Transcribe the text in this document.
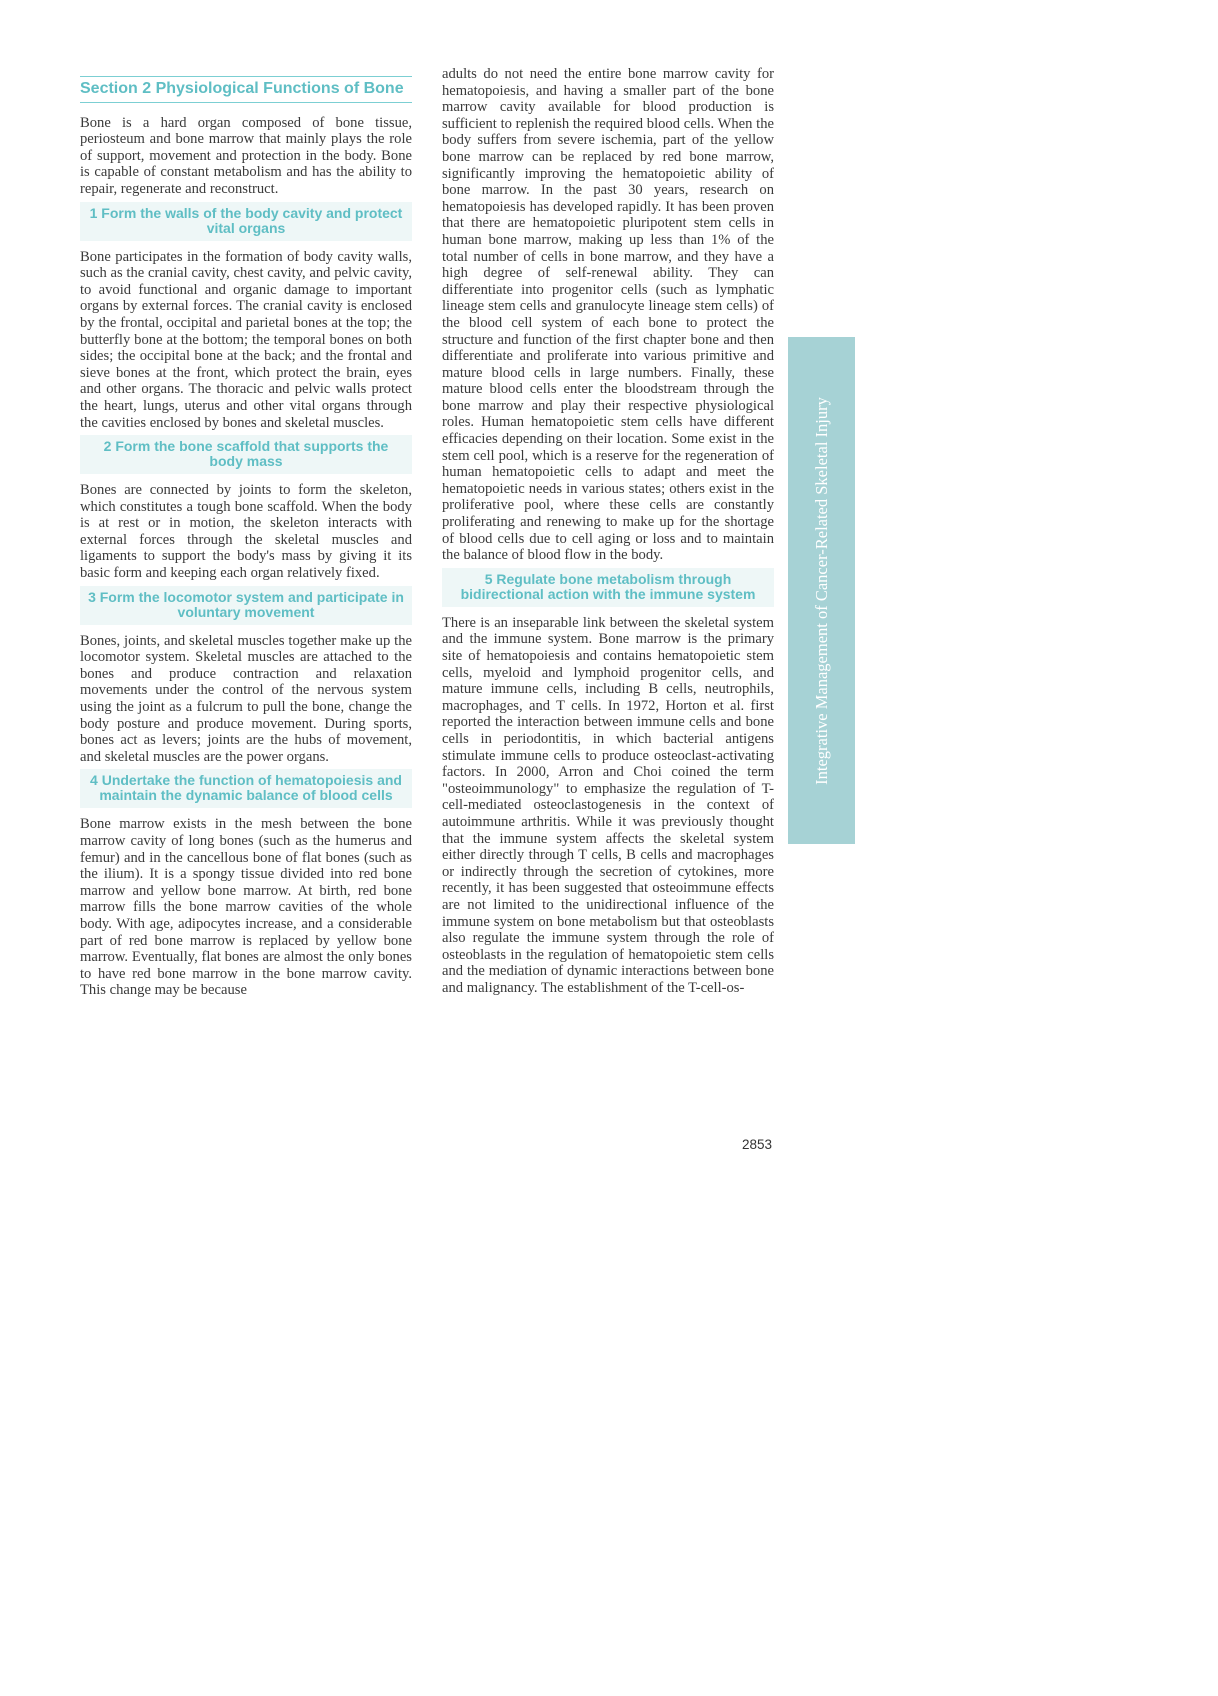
Section 2 Physiological Functions of Bone

Bone is a hard organ composed of bone tissue, periosteum and bone marrow that mainly plays the role of support, movement and protection in the body. Bone is capable of constant metabolism and has the ability to repair, regenerate and reconstruct.

1 Form the walls of the body cavity and protect vital organs

Bone participates in the formation of body cavity walls, such as the cranial cavity, chest cavity, and pelvic cavity, to avoid functional and organic damage to important organs by external forces. The cranial cavity is enclosed by the frontal, occipital and parietal bones at the top; the butterfly bone at the bottom; the temporal bones on both sides; the occipital bone at the back; and the frontal and sieve bones at the front, which protect the brain, eyes and other organs. The thoracic and pelvic walls protect the heart, lungs, uterus and other vital organs through the cavities enclosed by bones and skeletal muscles.

2 Form the bone scaffold that supports the body mass

Bones are connected by joints to form the skeleton, which constitutes a tough bone scaffold. When the body is at rest or in motion, the skeleton interacts with external forces through the skeletal muscles and ligaments to support the body's mass by giving it its basic form and keeping each organ relatively fixed.

3 Form the locomotor system and participate in voluntary movement

Bones, joints, and skeletal muscles together make up the locomotor system. Skeletal muscles are attached to the bones and produce contraction and relaxation movements under the control of the nervous system using the joint as a fulcrum to pull the bone, change the body posture and produce movement. During sports, bones act as levers; joints are the hubs of movement, and skeletal muscles are the power organs.

4 Undertake the function of hematopoiesis and maintain the dynamic balance of blood cells

Bone marrow exists in the mesh between the bone marrow cavity of long bones (such as the humerus and femur) and in the cancellous bone of flat bones (such as the ilium). It is a spongy tissue divided into red bone marrow and yellow bone marrow. At birth, red bone marrow fills the bone marrow cavities of the whole body. With age, adipocytes increase, and a considerable part of red bone marrow is replaced by yellow bone marrow. Eventually, flat bones are almost the only bones to have red bone marrow in the bone marrow cavity. This change may be because

adults do not need the entire bone marrow cavity for hematopoiesis, and having a smaller part of the bone marrow cavity available for blood production is sufficient to replenish the required blood cells. When the body suffers from severe ischemia, part of the yellow bone marrow can be replaced by red bone marrow, significantly improving the hematopoietic ability of bone marrow. In the past 30 years, research on hematopoiesis has developed rapidly. It has been proven that there are hematopoietic pluripotent stem cells in human bone marrow, making up less than 1% of the total number of cells in bone marrow, and they have a high degree of self-renewal ability. They can differentiate into progenitor cells (such as lymphatic lineage stem cells and granulocyte lineage stem cells) of the blood cell system of each bone to protect the structure and function of the first chapter bone and then differentiate and proliferate into various primitive and mature blood cells in large numbers. Finally, these mature blood cells enter the bloodstream through the bone marrow and play their respective physiological roles. Human hematopoietic stem cells have different efficacies depending on their location. Some exist in the stem cell pool, which is a reserve for the regeneration of human hematopoietic cells to adapt and meet the hematopoietic needs in various states; others exist in the proliferative pool, where these cells are constantly proliferating and renewing to make up for the shortage of blood cells due to cell aging or loss and to maintain the balance of blood flow in the body.

5 Regulate bone metabolism through bidirectional action with the immune system

There is an inseparable link between the skeletal system and the immune system. Bone marrow is the primary site of hematopoiesis and contains hematopoietic stem cells, myeloid and lymphoid progenitor cells, and mature immune cells, including B cells, neutrophils, macrophages, and T cells. In 1972, Horton et al. first reported the interaction between immune cells and bone cells in periodontitis, in which bacterial antigens stimulate immune cells to produce osteoclast-activating factors. In 2000, Arron and Choi coined the term "osteoimmunology" to emphasize the regulation of T-cell-mediated osteoclastogenesis in the context of autoimmune arthritis. While it was previously thought that the immune system affects the skeletal system either directly through T cells, B cells and macrophages or indirectly through the secretion of cytokines, more recently, it has been suggested that osteoimmune effects are not limited to the unidirectional influence of the immune system on bone metabolism but that osteoblasts also regulate the immune system through the role of osteoblasts in the regulation of hematopoietic stem cells and the mediation of dynamic interactions between bone and malignancy. The establishment of the T-cell-os-

Integrative Management of Cancer-Related Skeletal Injury
2853
